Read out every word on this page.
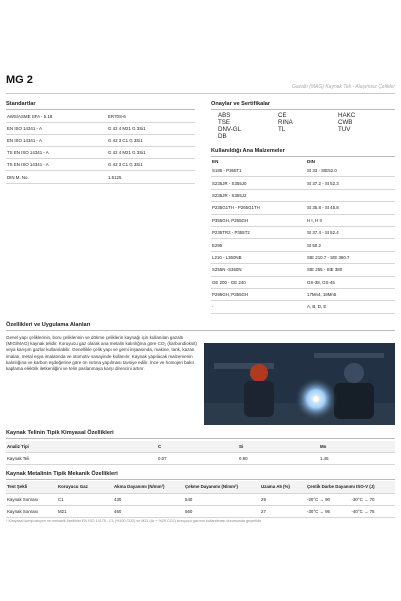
MG 2
Gazaltı (MAG) Kaynak Teli - Alaşımsız Çelikler
Standartlar
AWS/ASME SFA - 5.18	ER70S-6
EN ISO 14341 - A	G 42 4 M21 G 3Si1
EN ISO 14341 - A	G 42 3 C1 G 3Si1
TS EN ISO 14341 - A	G 42 4 M21 G 3Si1
TS EN ISO 14341 - A	G 42 3 C1 G 3Si1
DIN M. No.	1.5125
Onaylar ve Sertifikalar
ABS
TSE
DNV-GL
DB
CE
RINA
TL
HAKC
CWB
TUV
Kullanıldığı Ana Malzemeler
EN	DIN
S185 - P355T1	St 33 - StE52.0
S235JR - S355J0	St 37.2 - St 52.3
S235JR - S355J2	
P235G1TH - P265G1TH	St 35.8 - St 45.8
P355GH, P265GH	H I, H II
P235TR2 - P355T2	St 37.4 - St 52.4
E295	St 50.2
L210 - L360NB	StE 210.7 - StE 360.7
S255N -S360N	StE 255 - StE 380
GE 200 - GE 240	GS-38, GS-45
P295GH, P355GH	17Mn4, 19Mn5
-	A, B, D, E
Özellikleri ve Uygulama Alanları
Genel yapı çeliklerinin, boru çeliklerinin ve dökme çeliklerin kaynağı için kullanılan gazaltı (MIG/MAG) kaynak telidir. Koruyucu gaz olarak ana metalin kalınlığına göre CO₂ (karbondioksit) veya karışım gazlar kullanılabilir. Genellikle çelik yapı ve gemi inşaasında, makine, tank, kazan imalatı, metal eşya imalatında ve otomotiv sanayinde kullanılır. Kaynak yapılacak malzemenin kalınlığına ve karbon eşdeğerine göre ön ısıtma yapılması tavsiye edilir. İnce ve homojen bakır kaplama elektrik iletkenliğini ve telin paslanmaya karşı direncini artırır.
Kaynak Telinin Tipik Kimyasal Özellikleri
Analiz Tipi	C	Si	Mn
Kaynak Teli	0.07	0.90	1.45
Kaynak Metalinin Tipik Mekanik Özellikleri
Test Şekli	Koruyucu Gaz	Akma Dayanımı (N/mm²)	Çekme Dayanımı (N/mm²)	Uzama A5 (%)	Çentik Darbe Dayanımı ISO-V (J)	
Kaynak Sonrası	C1	430	540	29	-20°C → 90	-30°C → 70
Kaynak Sonrası	M21	460	560	27	-30°C → 95	-40°C → 75
* Kimyasal kompozisyon ve mekanik özellikler EN ISO 14175 - C1 (%100 CO2) ve M21 (Ar + %20 CO2) koruyucu gazının kullanılması durumunda geçerlidir.
